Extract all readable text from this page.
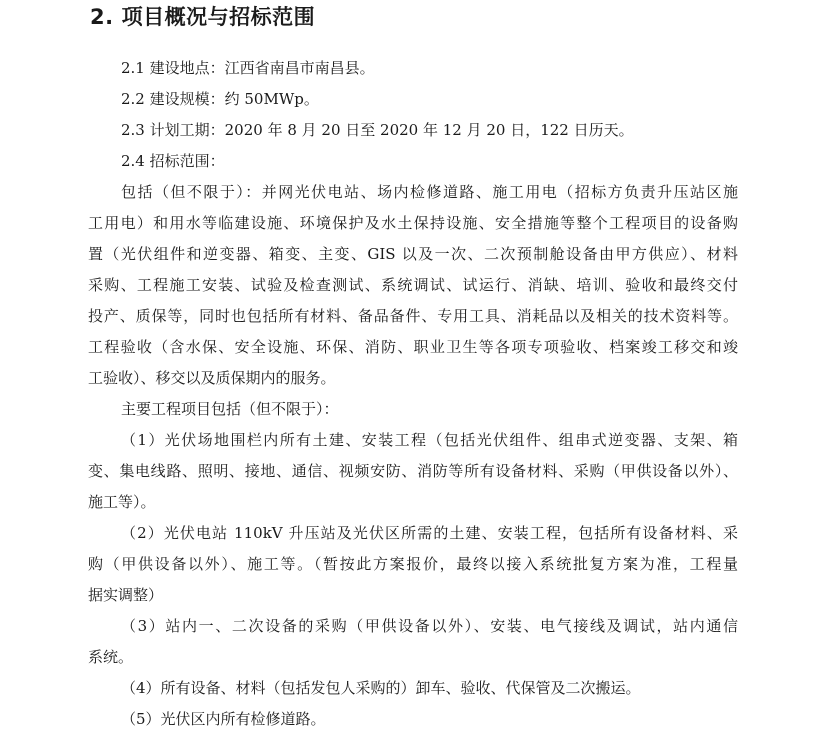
2. 项目概况与招标范围
2.1 建设地点：江西省南昌市南昌县。
2.2 建设规模：约 50MWp。
2.3 计划工期：2020 年 8 月 20 日至 2020 年 12 月 20 日，122 日历天。
2.4 招标范围：
包括（但不限于）：并网光伏电站、场内检修道路、施工用电（招标方负责升压站区施
工用电）和用水等临建设施、环境保护及水土保持设施、安全措施等整个工程项目的设备购
置（光伏组件和逆变器、箱变、主变、GIS 以及一次、二次预制舱设备由甲方供应）、材料
采购、工程施工安装、试验及检查测试、系统调试、试运行、消缺、培训、验收和最终交付
投产、质保等，同时也包括所有材料、备品备件、专用工具、消耗品以及相关的技术资料等。
工程验收（含水保、安全设施、环保、消防、职业卫生等各项专项验收、档案竣工移交和竣
工验收）、移交以及质保期内的服务。
主要工程项目包括（但不限于）：
（1）光伏场地围栏内所有土建、安装工程（包括光伏组件、组串式逆变器、支架、箱
变、集电线路、照明、接地、通信、视频安防、消防等所有设备材料、采购（甲供设备以外）、
施工等）。
（2）光伏电站 110kV 升压站及光伏区所需的土建、安装工程，包括所有设备材料、采
购（甲供设备以外）、施工等。（暂按此方案报价，最终以接入系统批复方案为准，工程量
据实调整）
（3）站内一、二次设备的采购（甲供设备以外）、安装、电气接线及调试，站内通信
系统。
（4）所有设备、材料（包括发包人采购的）卸车、验收、代保管及二次搬运。
（5）光伏区内所有检修道路。
